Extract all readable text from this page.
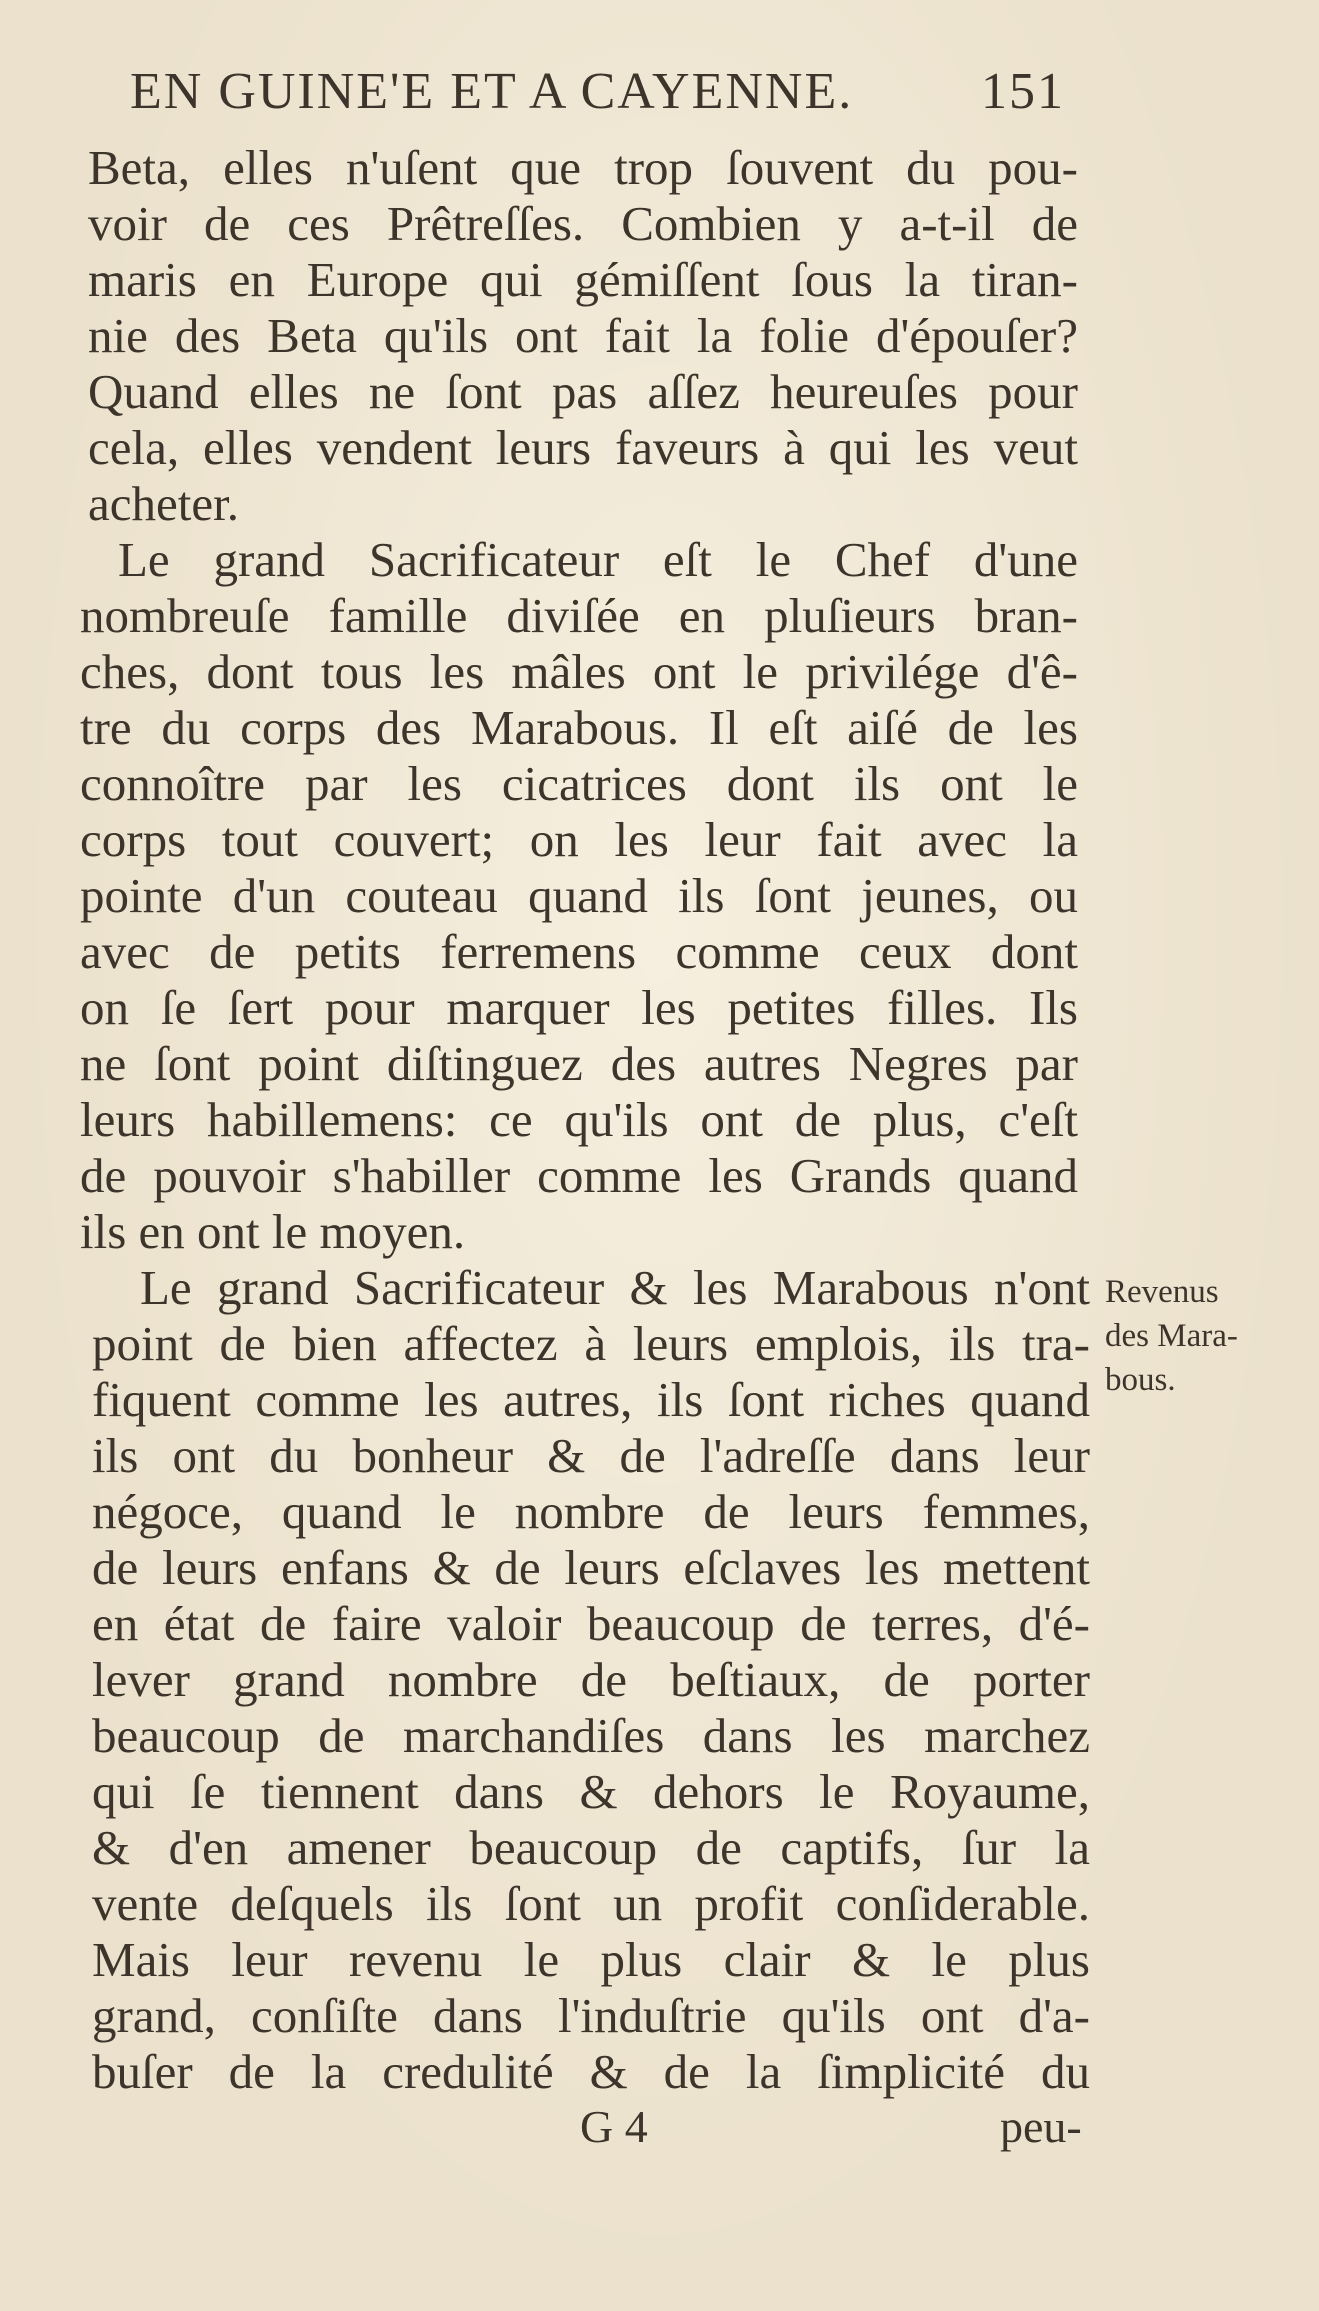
EN GUINE'E ET A CAYENNE. 151
Beta, elles n'uſent que trop ſouvent du pou-
voir de ces Prêtreſſes. Combien y a-t-il de
maris en Europe qui gémiſſent ſous la tiran-
nie des Beta qu'ils ont fait la folie d'épouſer?
Quand elles ne ſont pas aſſez heureuſes pour
cela, elles vendent leurs faveurs à qui les veut
acheter.
Le grand Sacrificateur eſt le Chef d'une
nombreuſe famille diviſée en pluſieurs bran-
ches, dont tous les mâles ont le privilége d'ê-
tre du corps des Marabous. Il eſt aiſé de les
connoître par les cicatrices dont ils ont le
corps tout couvert; on les leur fait avec la
pointe d'un couteau quand ils ſont jeunes, ou
avec de petits ferremens comme ceux dont
on ſe ſert pour marquer les petites filles. Ils
ne ſont point diſtinguez des autres Negres par
leurs habillemens: ce qu'ils ont de plus, c'eſt
de pouvoir s'habiller comme les Grands quand
ils en ont le moyen.
Le grand Sacrificateur & les Marabous n'ont
point de bien affectez à leurs emplois, ils tra-
fiquent comme les autres, ils ſont riches quand
ils ont du bonheur & de l'adreſſe dans leur
négoce, quand le nombre de leurs femmes,
de leurs enfans & de leurs eſclaves les mettent
en état de faire valoir beaucoup de terres, d'é-
lever grand nombre de beſtiaux, de porter
beaucoup de marchandiſes dans les marchez
qui ſe tiennent dans & dehors le Royaume,
& d'en amener beaucoup de captifs, ſur la
vente deſquels ils ſont un profit conſiderable.
Mais leur revenu le plus clair & le plus
grand, conſiſte dans l'induſtrie qu'ils ont d'a-
buſer de la credulité & de la ſimplicité du
Revenus
des Mara-
bous.
G 4	peu-
